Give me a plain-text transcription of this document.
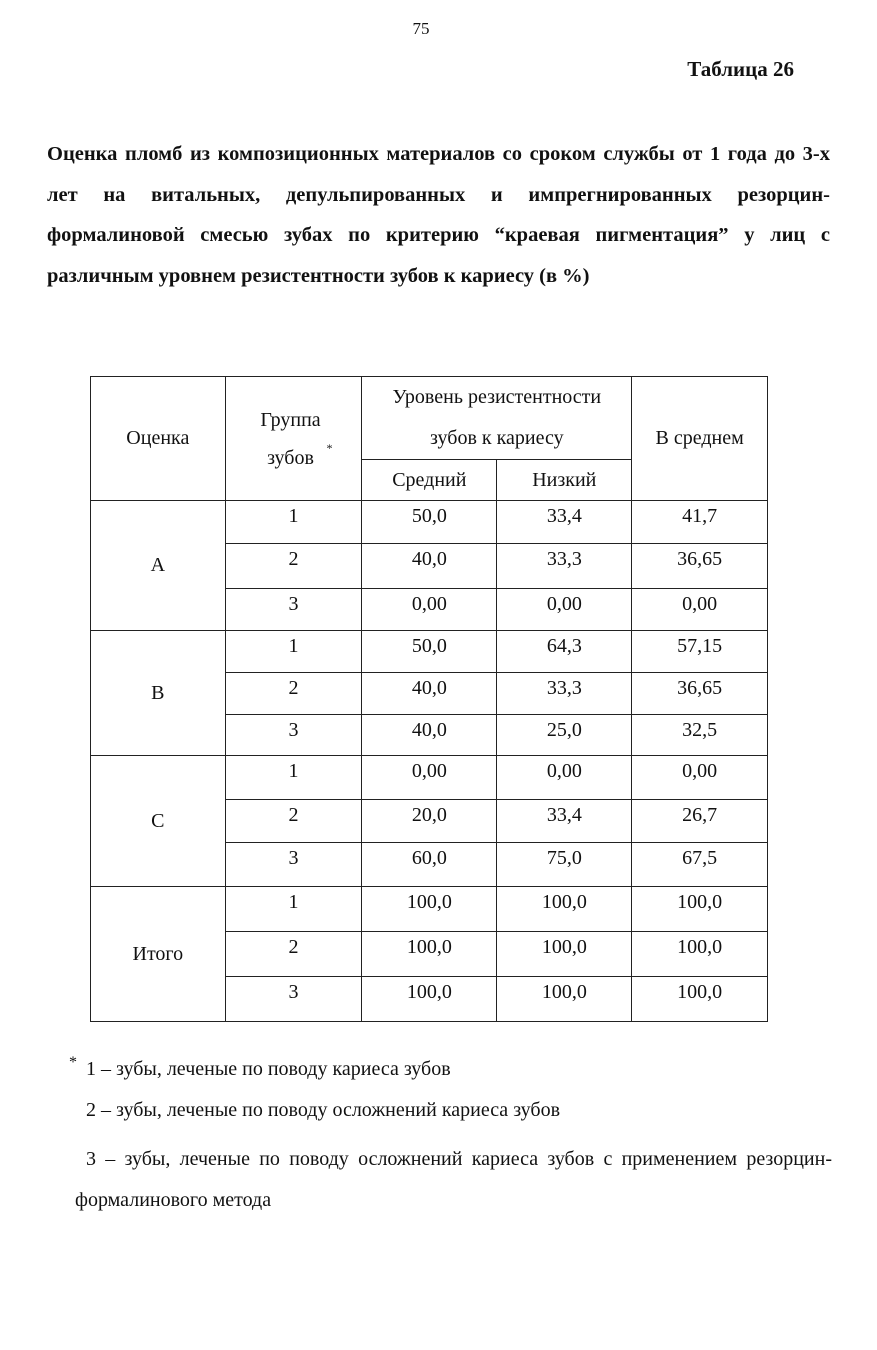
75
Таблица 26
Оценка пломб из композиционных материалов со сроком службы от 1 года до 3-х лет на витальных, депульпированных и импрегнированных резорцин-формалиновой смесью зубах по критерию “краевая пигментация” у лиц с различным уровнем резистентности зубов к кариесу (в %)
Оценка	Группа зубов *	Уровень резистентности зубов к кариесу		В среднем
		Средний	Низкий	
A	1	50,0	33,4	41,7
	2	40,0	33,3	36,65
	3	0,00	0,00	0,00
B	1	50,0	64,3	57,15
	2	40,0	33,3	36,65
	3	40,0	25,0	32,5
C	1	0,00	0,00	0,00
	2	20,0	33,4	26,7
	3	60,0	75,0	67,5
Итого	1	100,0	100,0	100,0
	2	100,0	100,0	100,0
	3	100,0	100,0	100,0
* 1 – зубы, леченые по поводу кариеса зубов
2 – зубы, леченые по поводу осложнений кариеса зубов
3 – зубы, леченые по поводу осложнений кариеса зубов с применением резорцин-формалинового метода
